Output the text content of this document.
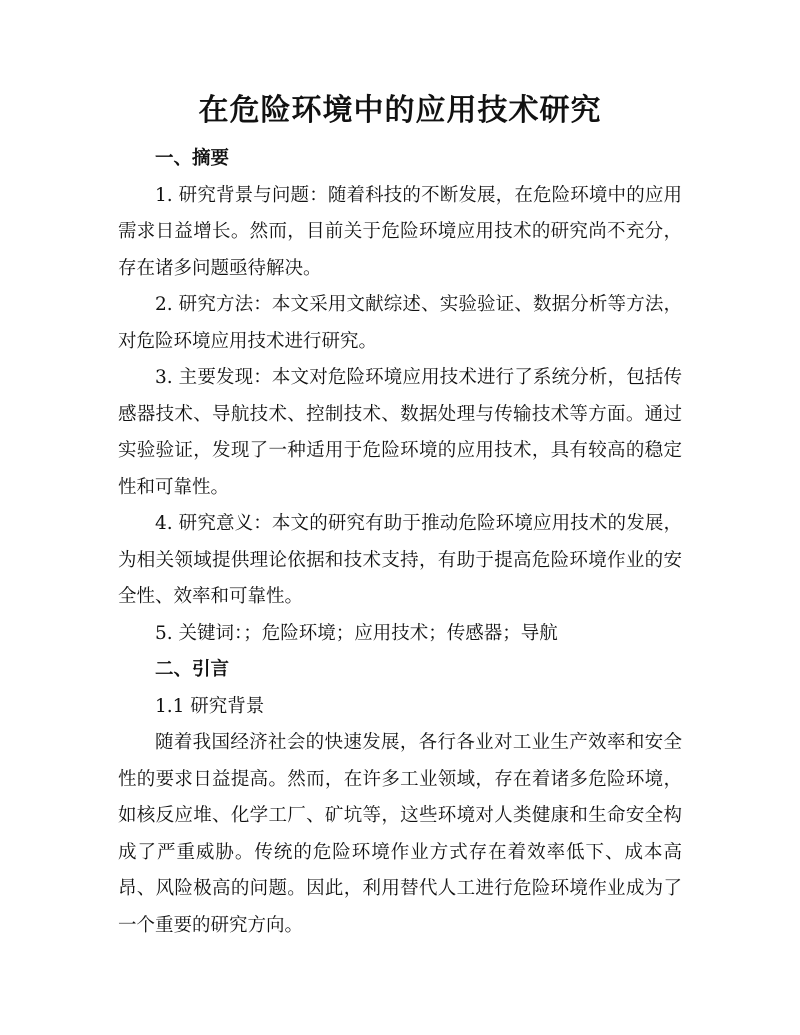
在危险环境中的应用技术研究

一、摘要

1. 研究背景与问题：随着科技的不断发展，在危险环境中的应用需求日益增长。然而，目前关于危险环境应用技术的研究尚不充分，存在诸多问题亟待解决。

2. 研究方法：本文采用文献综述、实验验证、数据分析等方法，对危险环境应用技术进行研究。

3. 主要发现：本文对危险环境应用技术进行了系统分析，包括传感器技术、导航技术、控制技术、数据处理与传输技术等方面。通过实验验证，发现了一种适用于危险环境的应用技术，具有较高的稳定性和可靠性。

4. 研究意义：本文的研究有助于推动危险环境应用技术的发展，为相关领域提供理论依据和技术支持，有助于提高危险环境作业的安全性、效率和可靠性。

5. 关键词：；危险环境；应用技术；传感器；导航

二、引言

1.1 研究背景

随着我国经济社会的快速发展，各行各业对工业生产效率和安全性的要求日益提高。然而，在许多工业领域，存在着诸多危险环境，如核反应堆、化学工厂、矿坑等，这些环境对人类健康和生命安全构成了严重威胁。传统的危险环境作业方式存在着效率低下、成本高昂、风险极高的问题。因此，利用替代人工进行危险环境作业成为了一个重要的研究方向。
